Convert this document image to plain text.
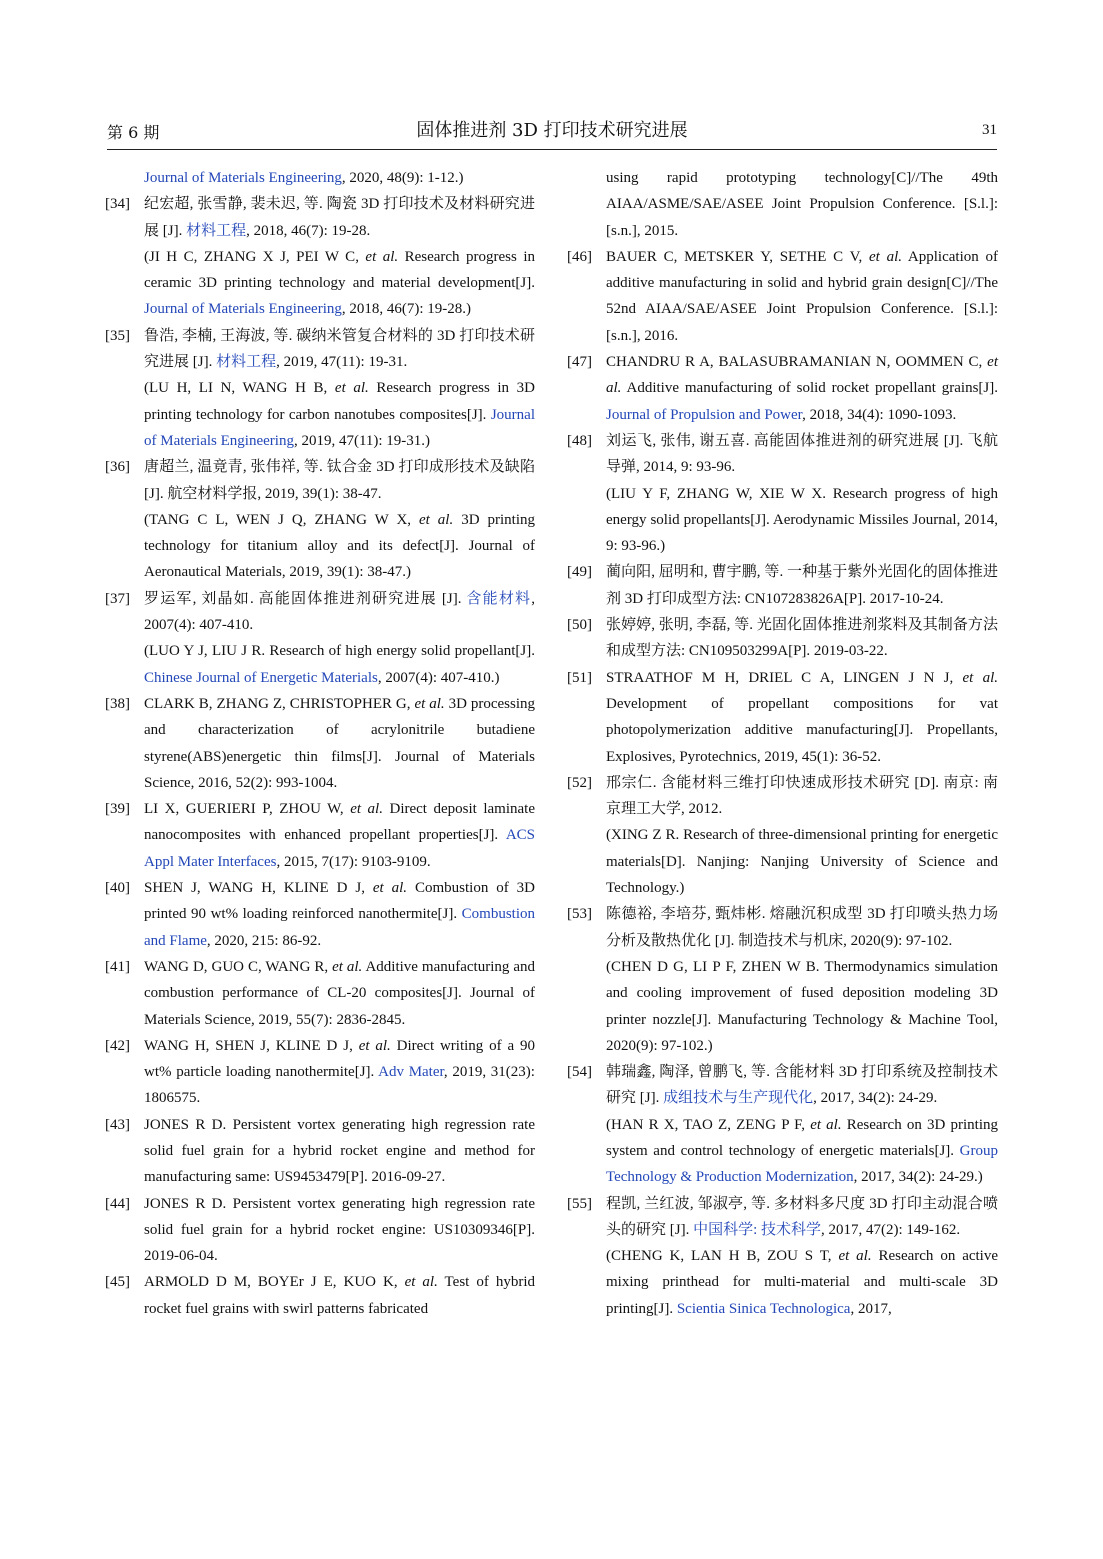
第 6 期	固体推进剂 3D 打印技术研究进展	31

Journal of Materials Engineering, 2020, 48(9): 1-12.)

[34] 纪宏超, 张雪静, 裴未迟, 等. 陶瓷 3D 打印技术及材料研究进展 [J]. 材料工程, 2018, 46(7): 19-28.

(JI H C, ZHANG X J, PEI W C, et al. Research progress in ceramic 3D printing technology and material development[J]. Journal of Materials Engineering, 2018, 46(7): 19-28.)

[35] 鲁浩, 李楠, 王海波, 等. 碳纳米管复合材料的 3D 打印技术研究进展 [J]. 材料工程, 2019, 47(11): 19-31.

(LU H, LI N, WANG H B, et al. Research progress in 3D printing technology for carbon nanotubes composites[J]. Journal of Materials Engineering, 2019, 47(11): 19-31.)

[36] 唐超兰, 温竟青, 张伟祥, 等. 钛合金 3D 打印成形技术及缺陷 [J]. 航空材料学报, 2019, 39(1): 38-47.

(TANG C L, WEN J Q, ZHANG W X, et al. 3D printing technology for titanium alloy and its defect[J]. Journal of Aeronautical Materials, 2019, 39(1): 38-47.)

[37] 罗运军, 刘晶如. 高能固体推进剂研究进展 [J]. 含能材料, 2007(4): 407-410.

(LUO Y J, LIU J R. Research of high energy solid propellant[J]. Chinese Journal of Energetic Materials, 2007(4): 407-410.)

[38] CLARK B, ZHANG Z, CHRISTOPHER G, et al. 3D processing and characterization of acrylonitrile butadiene styrene(ABS)energetic thin films[J]. Journal of Materials Science, 2016, 52(2): 993-1004.

[39] LI X, GUERIERI P, ZHOU W, et al. Direct deposit laminate nanocomposites with enhanced propellant properties[J]. ACS Appl Mater Interfaces, 2015, 7(17): 9103-9109.

[40] SHEN J, WANG H, KLINE D J, et al. Combustion of 3D printed 90 wt% loading reinforced nanothermite[J]. Combustion and Flame, 2020, 215: 86-92.

[41] WANG D, GUO C, WANG R, et al. Additive manufacturing and combustion performance of CL-20 composites[J]. Journal of Materials Science, 2019, 55(7): 2836-2845.

[42] WANG H, SHEN J, KLINE D J, et al. Direct writing of a 90 wt% particle loading nanothermite[J]. Adv Mater, 2019, 31(23): 1806575.

[43] JONES R D. Persistent vortex generating high regression rate solid fuel grain for a hybrid rocket engine and method for manufacturing same: US9453479[P]. 2016-09-27.

[44] JONES R D. Persistent vortex generating high regression rate solid fuel grain for a hybrid rocket engine: US10309346[P]. 2019-06-04.

[45] ARMOLD D M, BOYEr J E, KUO K, et al. Test of hybrid rocket fuel grains with swirl patterns fabricated

using rapid prototyping technology[C]//The 49th AIAA/ASME/SAE/ASEE Joint Propulsion Conference. [S.l.]: [s.n.], 2015.

[46] BAUER C, METSKER Y, SETHE C V, et al. Application of additive manufacturing in solid and hybrid grain design[C]//The 52nd AIAA/SAE/ASEE Joint Propulsion Conference. [S.l.]: [s.n.], 2016.

[47] CHANDRU R A, BALASUBRAMANIAN N, OOMMEN C, et al. Additive manufacturing of solid rocket propellant grains[J]. Journal of Propulsion and Power, 2018, 34(4): 1090-1093.

[48] 刘运飞, 张伟, 谢五喜. 高能固体推进剂的研究进展 [J]. 飞航导弹, 2014, 9: 93-96.

(LIU Y F, ZHANG W, XIE W X. Research progress of high energy solid propellants[J]. Aerodynamic Missiles Journal, 2014, 9: 93-96.)

[49] 蔺向阳, 屈明和, 曹宇鹏, 等. 一种基于紫外光固化的固体推进剂 3D 打印成型方法: CN107283826A[P]. 2017-10-24.

[50] 张婷婷, 张明, 李磊, 等. 光固化固体推进剂浆料及其制备方法和成型方法: CN109503299A[P]. 2019-03-22.

[51] STRAATHOF M H, DRIEL C A, LINGEN J N J, et al. Development of propellant compositions for vat photopolymerization additive manufacturing[J]. Propellants, Explosives, Pyrotechnics, 2019, 45(1): 36-52.

[52] 邢宗仁. 含能材料三维打印快速成形技术研究 [D]. 南京: 南京理工大学, 2012.

(XING Z R. Research of three-dimensional printing for energetic materials[D]. Nanjing: Nanjing University of Science and Technology.)

[53] 陈德裕, 李培芬, 甄炜彬. 熔融沉积成型 3D 打印喷头热力场分析及散热优化 [J]. 制造技术与机床, 2020(9): 97-102.

(CHEN D G, LI P F, ZHEN W B. Thermodynamics simulation and cooling improvement of fused deposition modeling 3D printer nozzle[J]. Manufacturing Technology & Machine Tool, 2020(9): 97-102.)

[54] 韩瑞鑫, 陶泽, 曾鹏飞, 等. 含能材料 3D 打印系统及控制技术研究 [J]. 成组技术与生产现代化, 2017, 34(2): 24-29.

(HAN R X, TAO Z, ZENG P F, et al. Research on 3D printing system and control technology of energetic materials[J]. Group Technology & Production Modernization, 2017, 34(2): 24-29.)

[55] 程凯, 兰红波, 邹淑亭, 等. 多材料多尺度 3D 打印主动混合喷头的研究 [J]. 中国科学: 技术科学, 2017, 47(2): 149-162.

(CHENG K, LAN H B, ZOU S T, et al. Research on active mixing printhead for multi-material and multi-scale 3D printing[J]. Scientia Sinica Technologica, 2017,
